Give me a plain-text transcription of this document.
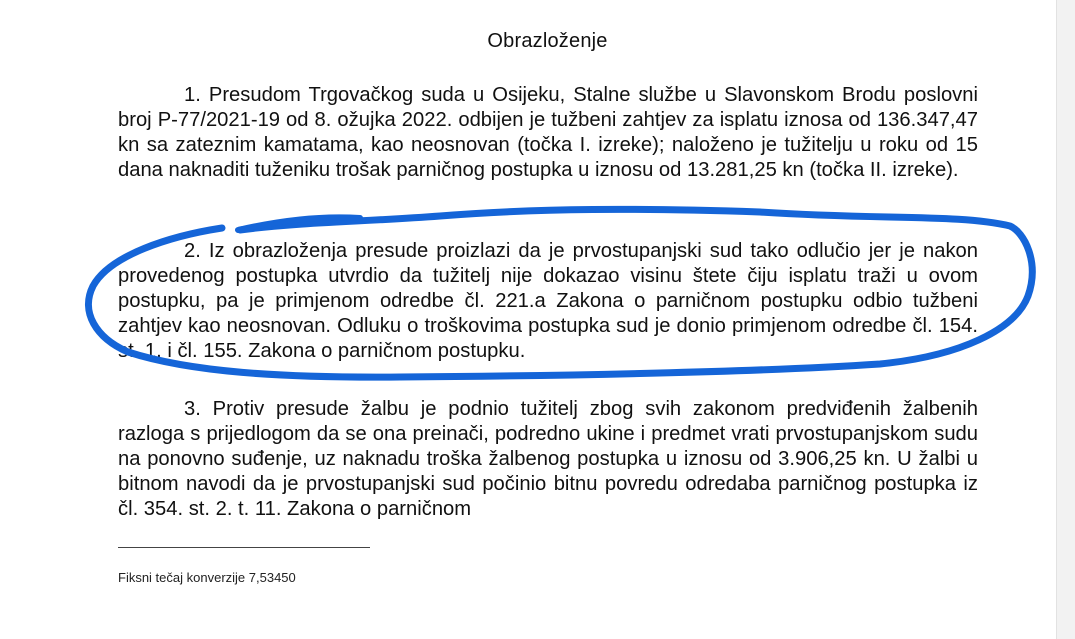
Obrazloženje

1. Presudom Trgovačkog suda u Osijeku, Stalne službe u Slavonskom Brodu poslovni broj P-77/2021-19 od 8. ožujka 2022. odbijen je tužbeni zahtjev za isplatu iznosa od 136.347,47 kn sa zateznim kamatama, kao neosnovan (točka I. izreke); naloženo je tužitelju u roku od 15 dana naknaditi tuženiku trošak parničnog postupka u iznosu od 13.281,25 kn (točka II. izreke).

2. Iz obrazloženja presude proizlazi da je prvostupanjski sud tako odlučio jer je nakon provedenog postupka utvrdio da tužitelj nije dokazao visinu štete čiju isplatu traži u ovom postupku, pa je primjenom odredbe čl. 221.a Zakona o parničnom postupku odbio tužbeni zahtjev kao neosnovan. Odluku o troškovima postupka sud je donio primjenom odredbe čl. 154. st. 1. i čl. 155. Zakona o parničnom postupku.

3. Protiv presude žalbu je podnio tužitelj zbog svih zakonom predviđenih žalbenih razloga s prijedlogom da se ona preinači, podredno ukine i predmet vrati prvostupanjskom sudu na ponovno suđenje, uz naknadu troška žalbenog postupka u iznosu od 3.906,25 kn. U žalbi u bitnom navodi da je prvostupanjski sud počinio bitnu povredu odredaba parničnog postupka iz čl. 354. st. 2. t. 11. Zakona o parničnom

Fiksni tečaj konverzije 7,53450
